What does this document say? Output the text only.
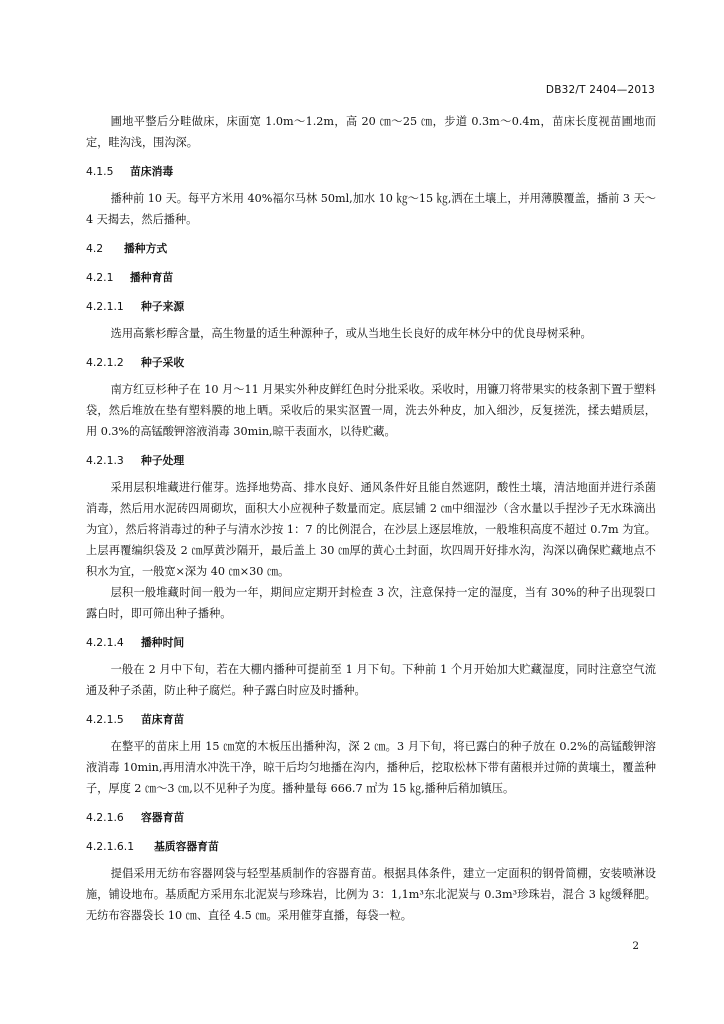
DB32/T 2404—2013

圃地平整后分畦做床，床面宽 1.0m～1.2m，高 20 ㎝～25 ㎝，步道 0.3m～0.4m，苗床长度视苗圃地而定，畦沟浅，围沟深。

4.1.5 苗床消毒

播种前 10 天。每平方米用 40%福尔马林 50ml,加水 10 ㎏～15 ㎏,洒在土壤上，并用薄膜覆盖，播前 3 天～4 天揭去，然后播种。

4.2 播种方式
4.2.1 播种育苗
4.2.1.1 种子来源

选用高紫杉醇含量，高生物量的适生种源种子，或从当地生长良好的成年林分中的优良母树采种。

4.2.1.2 种子采收

南方红豆杉种子在 10 月～11 月果实外种皮鲜红色时分批采收。采收时，用镰刀将带果实的枝条割下置于塑料袋，然后堆放在垫有塑料膜的地上晒。采收后的果实沤置一周，洗去外种皮，加入细沙，反复搓洗，揉去蜡质层，用 0.3%的高锰酸钾溶液消毒 30min,晾干表面水，以待贮藏。

4.2.1.3 种子处理

采用层积堆藏进行催芽。选择地势高、排水良好、通风条件好且能自然遮阴，酸性土壤，清洁地面并进行杀菌消毒，然后用水泥砖四周砌坎，面积大小应视种子数量而定。底层铺 2 ㎝中细湿沙（含水量以手捏沙子无水珠滴出为宜），然后将消毒过的种子与清水沙按 1：7 的比例混合，在沙层上逐层堆放，一般堆积高度不超过 0.7m 为宜。上层再覆编织袋及 2 ㎝厚黄沙隔开，最后盖上 30 ㎝厚的黄心土封面，坎四周开好排水沟，沟深以确保贮藏地点不积水为宜，一般宽×深为 40 ㎝×30 ㎝。

层积一般堆藏时间一般为一年，期间应定期开封检查 3 次，注意保持一定的湿度，当有 30%的种子出现裂口露白时，即可筛出种子播种。

4.2.1.4 播种时间

一般在 2 月中下旬，若在大棚内播种可提前至 1 月下旬。下种前 1 个月开始加大贮藏湿度，同时注意空气流通及种子杀菌，防止种子腐烂。种子露白时应及时播种。

4.2.1.5 苗床育苗

在整平的苗床上用 15 ㎝宽的木板压出播种沟，深 2 ㎝。3 月下旬，将已露白的种子放在 0.2%的高锰酸钾溶液消毒 10min,再用清水冲洗干净，晾干后均匀地播在沟内，播种后，挖取松林下带有菌根并过筛的黄壤土，覆盖种子，厚度 2 ㎝～3 ㎝,以不见种子为度。播种量每 666.7 ㎡为 15 ㎏,播种后稍加镇压。

4.2.1.6 容器育苗
4.2.1.6.1 基质容器育苗

提倡采用无纺布容器网袋与轻型基质制作的容器育苗。根据具体条件，建立一定面积的钢骨简棚，安装喷淋设施，铺设地布。基质配方采用东北泥炭与珍珠岩，比例为 3：1,1m³东北泥炭与 0.3m³珍珠岩，混合 3 ㎏缓释肥。无纺布容器袋长 10 ㎝、直径 4.5 ㎝。采用催芽直播，每袋一粒。

2
